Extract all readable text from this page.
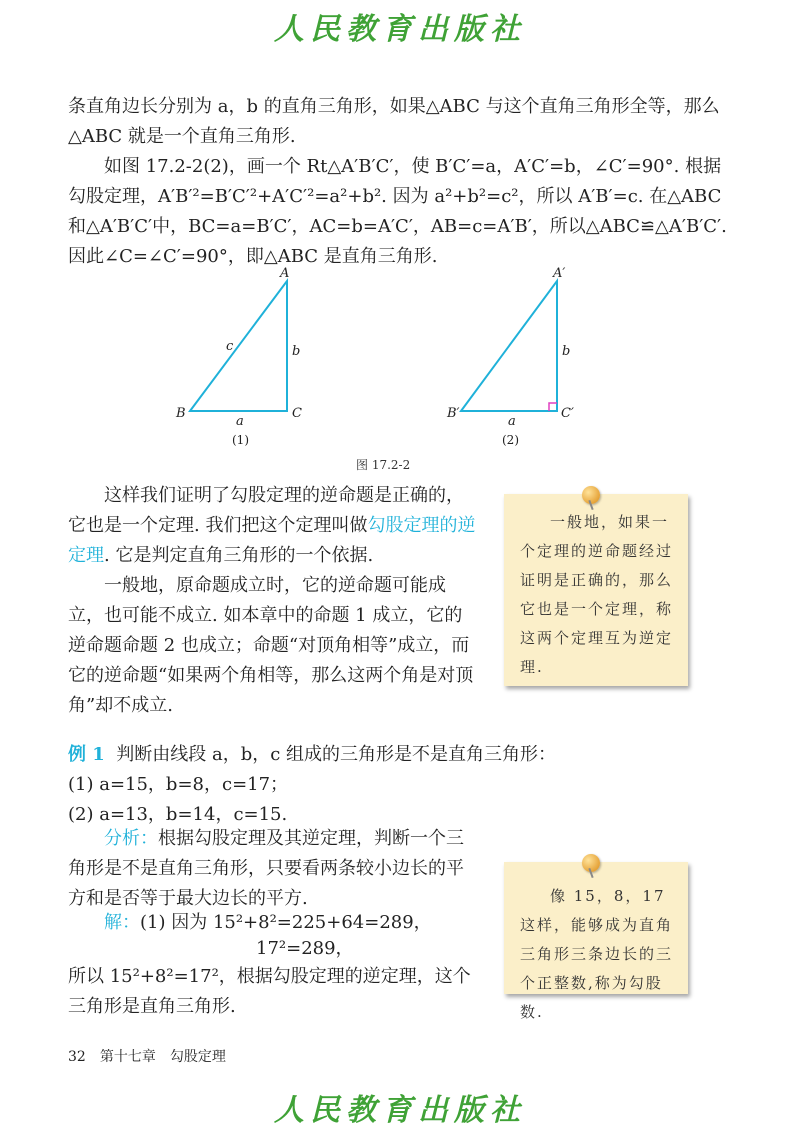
人民教育出版社

条直角边长分别为 a，b 的直角三角形，如果△ABC 与这个直角三角形全等，那么△ABC 就是一个直角三角形.

如图 17.2-2(2)，画一个 Rt△A′B′C′，使 B′C′=a，A′C′=b，∠C′=90°. 根据勾股定理，A′B′²=B′C′²+A′C′²=a²+b². 因为 a²+b²=c²，所以 A′B′=c. 在△ABC 和△A′B′C′中，BC=a=B′C′，AC=b=A′C′，AB=c=A′B′，所以△ABC≌△A′B′C′. 因此∠C=∠C′=90°，即△ABC 是直角三角形.

A
B	C
c	b
a
(1)
A′
B′	C′
b
a
(2)
图 17.2-2

这样我们证明了勾股定理的逆命题是正确的，它也是一个定理. 我们把这个定理叫做勾股定理的逆定理. 它是判定直角三角形的一个依据.

一般地，原命题成立时，它的逆命题可能成立，也可能不成立. 如本章中的命题 1 成立，它的逆命题命题 2 也成立；命题“对顶角相等”成立，而它的逆命题“如果两个角相等，那么这两个角是对顶角”却不成立.

一般地，如果一个定理的逆命题经过证明是正确的，那么它也是一个定理，称这两个定理互为逆定理.

例 1 判断由线段 a，b，c 组成的三角形是不是直角三角形：

(1) a=15，b=8，c=17；

(2) a=13，b=14，c=15.

分析：根据勾股定理及其逆定理，判断一个三角形是不是直角三角形，只要看两条较小边长的平方和是否等于最大边长的平方.

解：(1) 因为 15²+8²=225+64=289，

17²=289，

所以 15²+8²=17²，根据勾股定理的逆定理，这个三角形是直角三角形.

像 15，8，17 这样，能够成为直角三角形三条边长的三个正整数,称为勾股数.
32 第十七章 勾股定理
人民教育出版社
